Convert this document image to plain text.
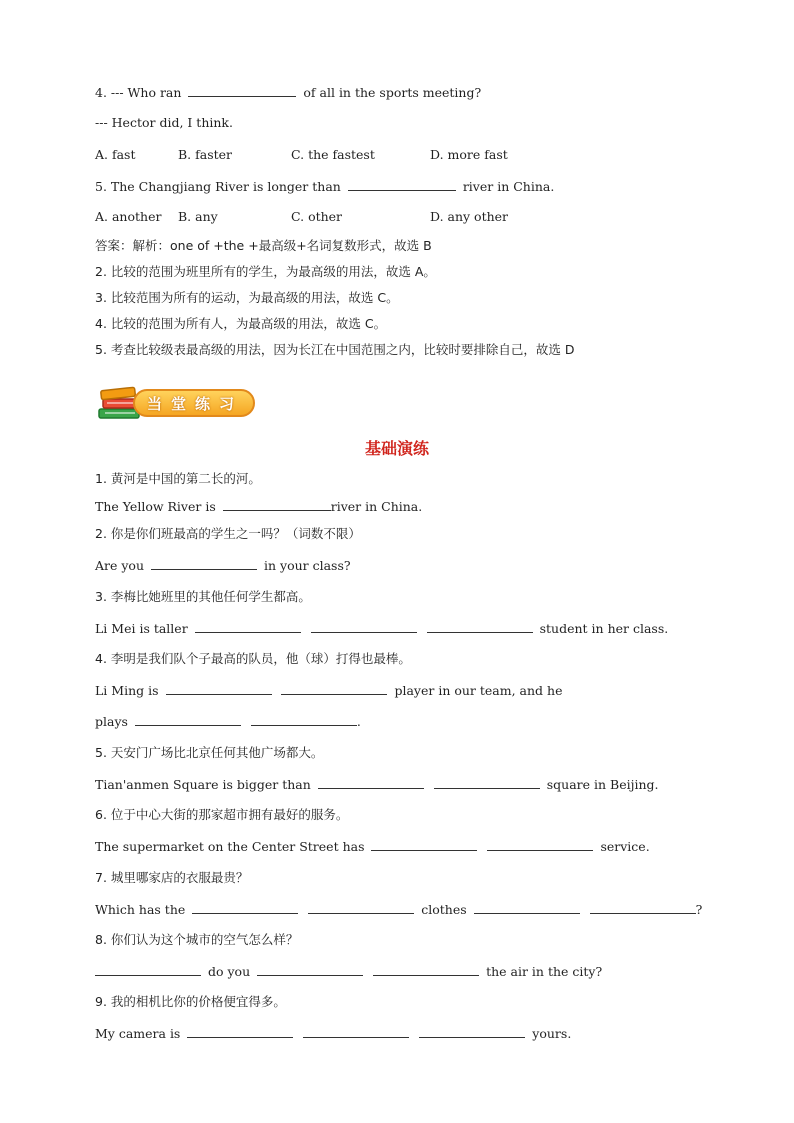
4. --- Who ran	of all in the sports meeting?
--- Hector did, I think.
A. fast	B. faster	C. the fastest	D. more fast
5. The Changjiang River is longer than	river in China.
A. another B. any	C. other	D. any other
答案：解析：one of +the +最高级+名词复数形式，故选 B
2. 比较的范围为班里所有的学生，为最高级的用法，故选 A。
3. 比较范围为所有的运动，为最高级的用法，故选 C。
4. 比较的范围为所有人，为最高级的用法，故选 C。
5. 考查比较级表最高级的用法，因为长江在中国范围之内，比较时要排除自己，故选 D
当堂练习
基础演练
1. 黄河是中国的第二长的河。
The Yellow River is	river in China.
2. 你是你们班最高的学生之一吗？（词数不限）
Are you	in your class?
3. 李梅比她班里的其他任何学生都高。
Li Mei is taller	student in her class.
4. 李明是我们队个子最高的队员，他（球）打得也最棒。
Li Ming is	player in our team, and he
plays	.
5. 天安门广场比北京任何其他广场都大。
Tian'anmen Square is bigger than	square in Beijing.
6. 位于中心大街的那家超市拥有最好的服务。
The supermarket on the Center Street has	service.
7. 城里哪家店的衣服最贵？
Which has the	clothes	?
8. 你们认为这个城市的空气怎么样？
do you	the air in the city?
9. 我的相机比你的价格便宜得多。
My camera is	yours.
